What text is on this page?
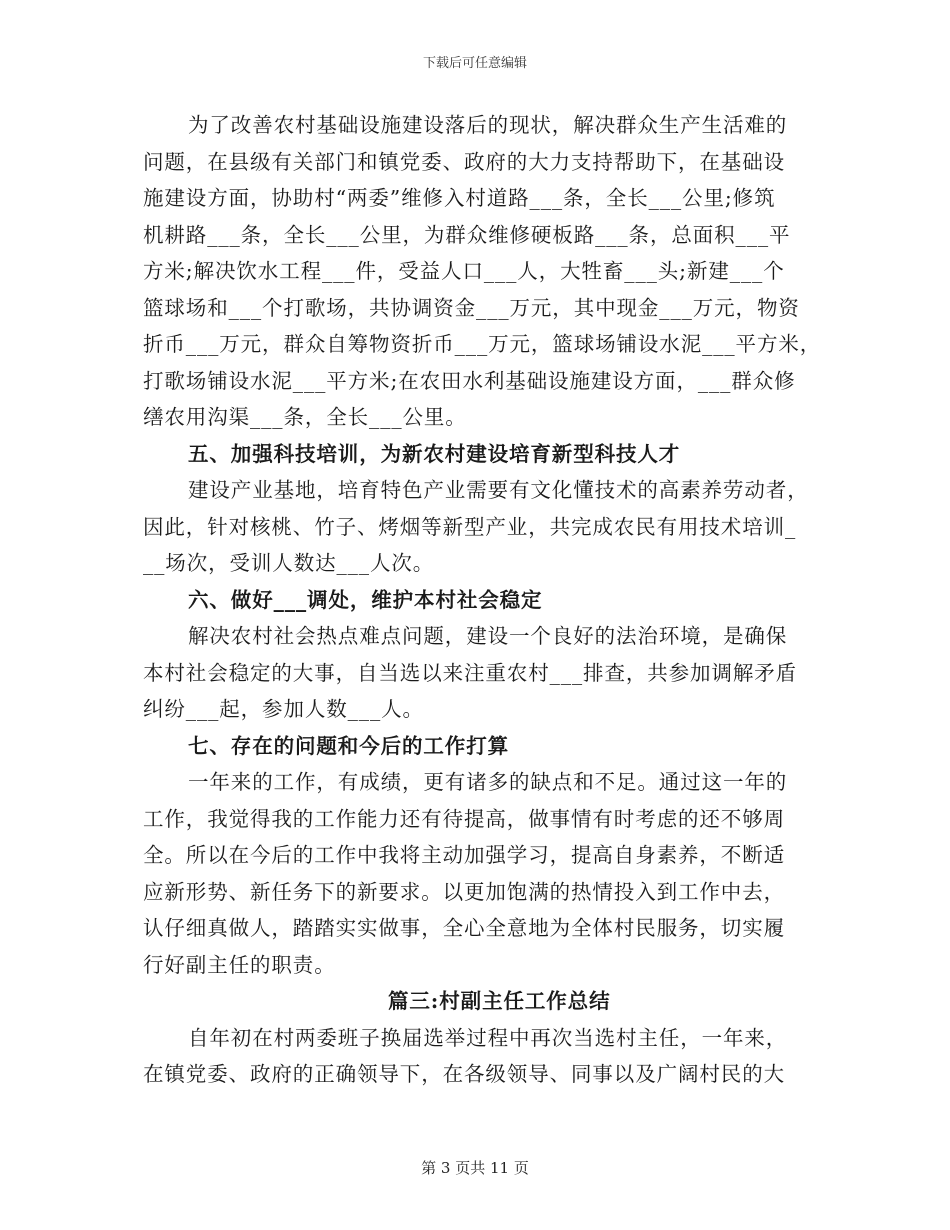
下载后可任意编辑
为了改善农村基础设施建设落后的现状，解决群众生产生活难的
问题，在县级有关部门和镇党委、政府的大力支持帮助下，在基础设
施建设方面，协助村“两委”维修入村道路___条，全长___公里;修筑
机耕路___条，全长___公里，为群众维修硬板路___条，总面积___平
方米;解决饮水工程___件，受益人口___人，大牲畜___头;新建___个
篮球场和___个打歌场，共协调资金___万元，其中现金___万元，物资
折币___万元，群众自筹物资折币___万元，篮球场铺设水泥___平方米，
打歌场铺设水泥___平方米;在农田水利基础设施建设方面，___群众修
缮农用沟渠___条，全长___公里。
五、加强科技培训，为新农村建设培育新型科技人才
建设产业基地，培育特色产业需要有文化懂技术的高素养劳动者，
因此，针对核桃、竹子、烤烟等新型产业，共完成农民有用技术培训_
__场次，受训人数达___人次。
六、做好___调处，维护本村社会稳定
解决农村社会热点难点问题，建设一个良好的法治环境，是确保
本村社会稳定的大事，自当选以来注重农村___排查，共参加调解矛盾
纠纷___起，参加人数___人。
七、存在的问题和今后的工作打算
一年来的工作，有成绩，更有诸多的缺点和不足。通过这一年的
工作，我觉得我的工作能力还有待提高，做事情有时考虑的还不够周
全。所以在今后的工作中我将主动加强学习，提高自身素养，不断适
应新形势、新任务下的新要求。以更加饱满的热情投入到工作中去，
认仔细真做人，踏踏实实做事，全心全意地为全体村民服务，切实履
行好副主任的职责。
篇三:村副主任工作总结
自年初在村两委班子换届选举过程中再次当选村主任，一年来，
在镇党委、政府的正确领导下，在各级领导、同事以及广阔村民的大
第 3 页共 11 页
